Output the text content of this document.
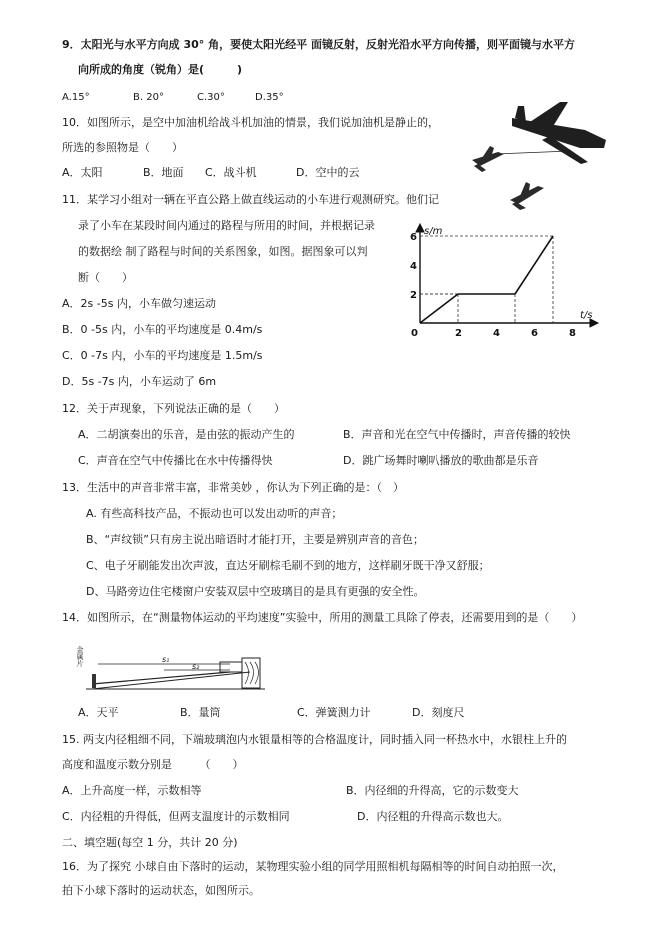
9．太阳光与水平方向成 30° 角，要使太阳光经平 面镜反射，反射光沿水平方向传播，则平面镜与水平方
向所成的角度（锐角）是(　　　)
A.15°	B. 20°	C.30°	D.35°
10．如图所示，是空中加油机给战斗机加油的情景，我们说加油机是静止的，
所选的参照物是（　　）
A．太阳	B．地面 C．战斗机	D．空中的云
11．某学习小组对一辆在平直公路上做直线运动的小车进行观测研究。他们记
录了小车在某段时间内通过的路程与所用的时间，并根据记录
的数据绘 制了路程与时间的关系图象，如图。据图象可以判
断（　　）
A．2s -5s 内，小车做匀速运动
B．0 -5s 内，小车的平均速度是 0.4m/s
C．0 -7s 内，小车的平均速度是 1.5m/s
D．5s -7s 内，小车运动了 6m
0	2	4	6	8
2
4
6
s/m
t/s
12．关于声现象，下列说法正确的是（　　）
A．二胡演奏出的乐音，是由弦的振动产生的	B．声音和光在空气中传播时，声音传播的较快
C．声音在空气中传播比在水中传播得快	D．跳广场舞时喇叭播放的歌曲都是乐音
13．生活中的声音非常丰富，非常美妙 ，你认为下列正确的是：（　）
A. 有些高科技产品，不振动也可以发出动听的声音；
B、“声纹锁”只有房主说出暗语时才能打开，主要是辨别声音的音色；
C、电子牙刷能发出次声波，直达牙刷棕毛刷不到的地方，这样刷牙既干净又舒服；
D、马路旁边住宅楼窗户安装双层中空玻璃目的是具有更强的安全性。
14．如图所示，在“测量物体运动的平均速度”实验中，所用的测量工具除了停表，还需要用到的是（　　）
金属片	s₁
s₂
A．天平	B．量筒	C．弹簧测力计	D．刻度尺
15. 两支内径粗细不同，下端玻璃泡内水银量相等的合格温度计，同时插入同一杯热水中，水银柱上升的
高度和温度示数分别是　　　（　　）
A．上升高度一样，示数相等	B．内径细的升得高，它的示数变大
C．内径粗的升得低，但两支温度计的示数相同	D．内径粗的升得高示数也大。
二、填空题(每空 1 分，共计 20 分)
16．为了探究 小球自由下落时的运动，某物理实验小组的同学用照相机每隔相等的时间自动拍照一次，
拍下小球下落时的运动状态，如图所示。
